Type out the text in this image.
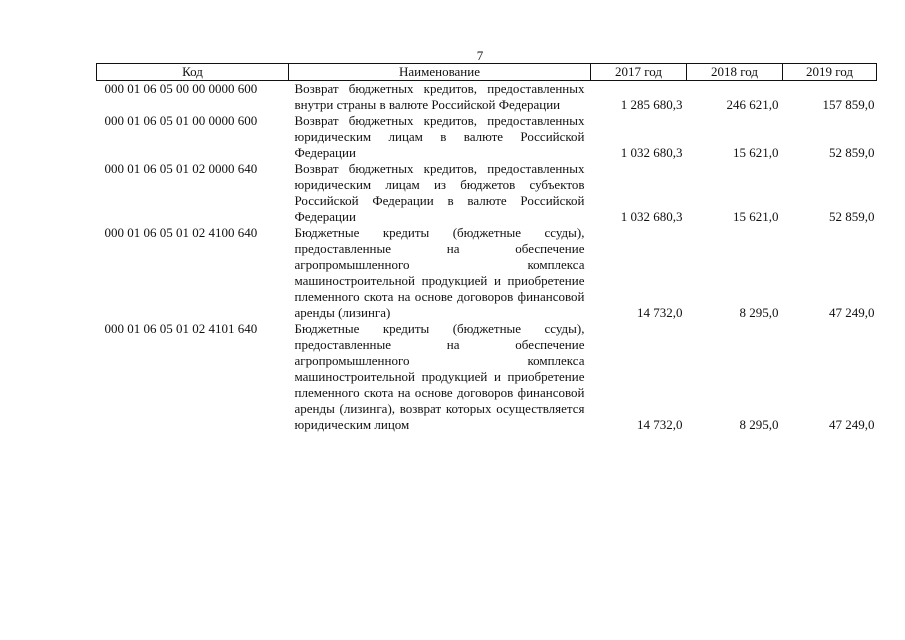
7
Код	Наименование	2017 год	2018 год	2019 год
000 01 06 05 00 00 0000 600	Возврат бюджетных кредитов, предоставленных внутри страны в валюте Российской Федерации	1 285 680,3	246 621,0	157 859,0
000 01 06 05 01 00 0000 600	Возврат бюджетных кредитов, предоставленных юридическим лицам в валюте Российской Федерации	1 032 680,3	15 621,0	52 859,0
000 01 06 05 01 02 0000 640	Возврат бюджетных кредитов, предоставленных юридическим лицам из бюджетов субъектов Российской Федерации в валюте Российской Федерации	1 032 680,3	15 621,0	52 859,0
000 01 06 05 01 02 4100 640	Бюджетные кредиты (бюджетные ссуды), предоставленные на обеспечение агропромышленного комплекса машиностроительной продукцией и приобретение племенного скота на основе договоров финансовой аренды (лизинга)	14 732,0	8 295,0	47 249,0
000 01 06 05 01 02 4101 640	Бюджетные кредиты (бюджетные ссуды), предоставленные на обеспечение агропромышленного комплекса машиностроительной продукцией и приобретение племенного скота на основе договоров финансовой аренды (лизинга), возврат которых осуществляется юридическим лицом	14 732,0	8 295,0	47 249,0
